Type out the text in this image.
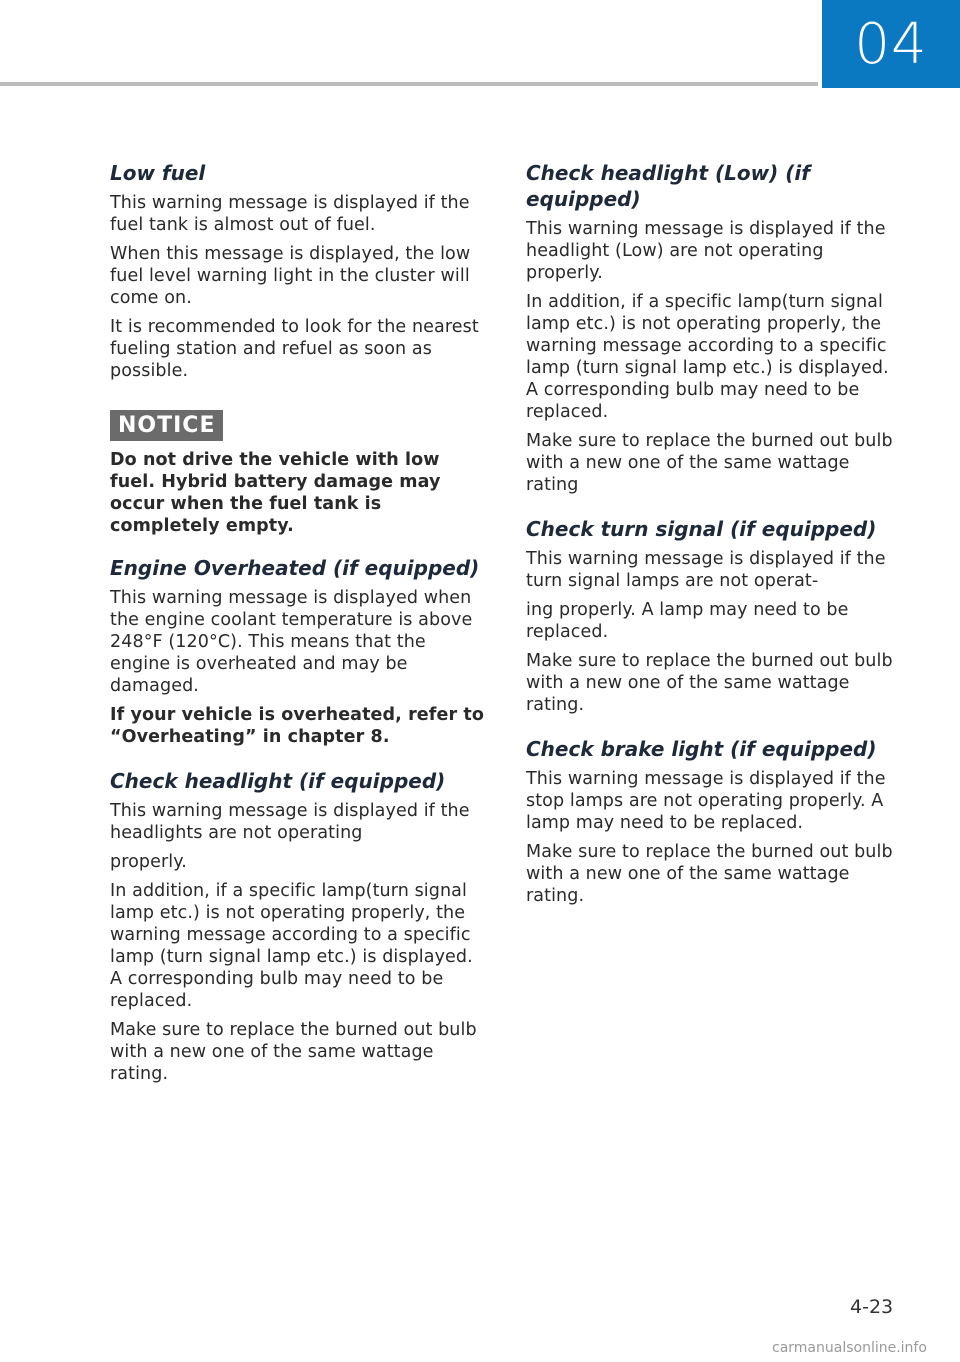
04
Low fuel

This warning message is displayed if the fuel tank is almost out of fuel.

When this message is displayed, the low fuel level warning light in the cluster will come on.

It is recommended to look for the nearest fueling station and refuel as soon as possible.

NOTICE

Do not drive the vehicle with low fuel. Hybrid battery damage may occur when the fuel tank is completely empty.

Engine Overheated (if equipped)

This warning message is displayed when the engine coolant temperature is above 248°F (120°C). This means that the engine is overheated and may be damaged.

If your vehicle is overheated, refer to “Overheating” in chapter 8.

Check headlight (if equipped)

This warning message is displayed if the headlights are not operating

properly.

In addition, if a specific lamp(turn signal lamp etc.) is not operating properly, the warning message according to a specific lamp (turn signal lamp etc.) is displayed. A corresponding bulb may need to be replaced.

Make sure to replace the burned out bulb with a new one of the same wattage rating.

Check headlight (Low) (if equipped)

This warning message is displayed if the headlight (Low) are not operating properly.

In addition, if a specific lamp(turn signal lamp etc.) is not operating properly, the warning message according to a specific lamp (turn signal lamp etc.) is displayed. A corresponding bulb may need to be replaced.

Make sure to replace the burned out bulb with a new one of the same wattage rating

Check turn signal (if equipped)

This warning message is displayed if the turn signal lamps are not operat-

ing properly. A lamp may need to be replaced.

Make sure to replace the burned out bulb with a new one of the same wattage rating.

Check brake light (if equipped)

This warning message is displayed if the stop lamps are not operating properly. A lamp may need to be replaced.

Make sure to replace the burned out bulb with a new one of the same wattage rating.

4-23
carmanualsonline.info
